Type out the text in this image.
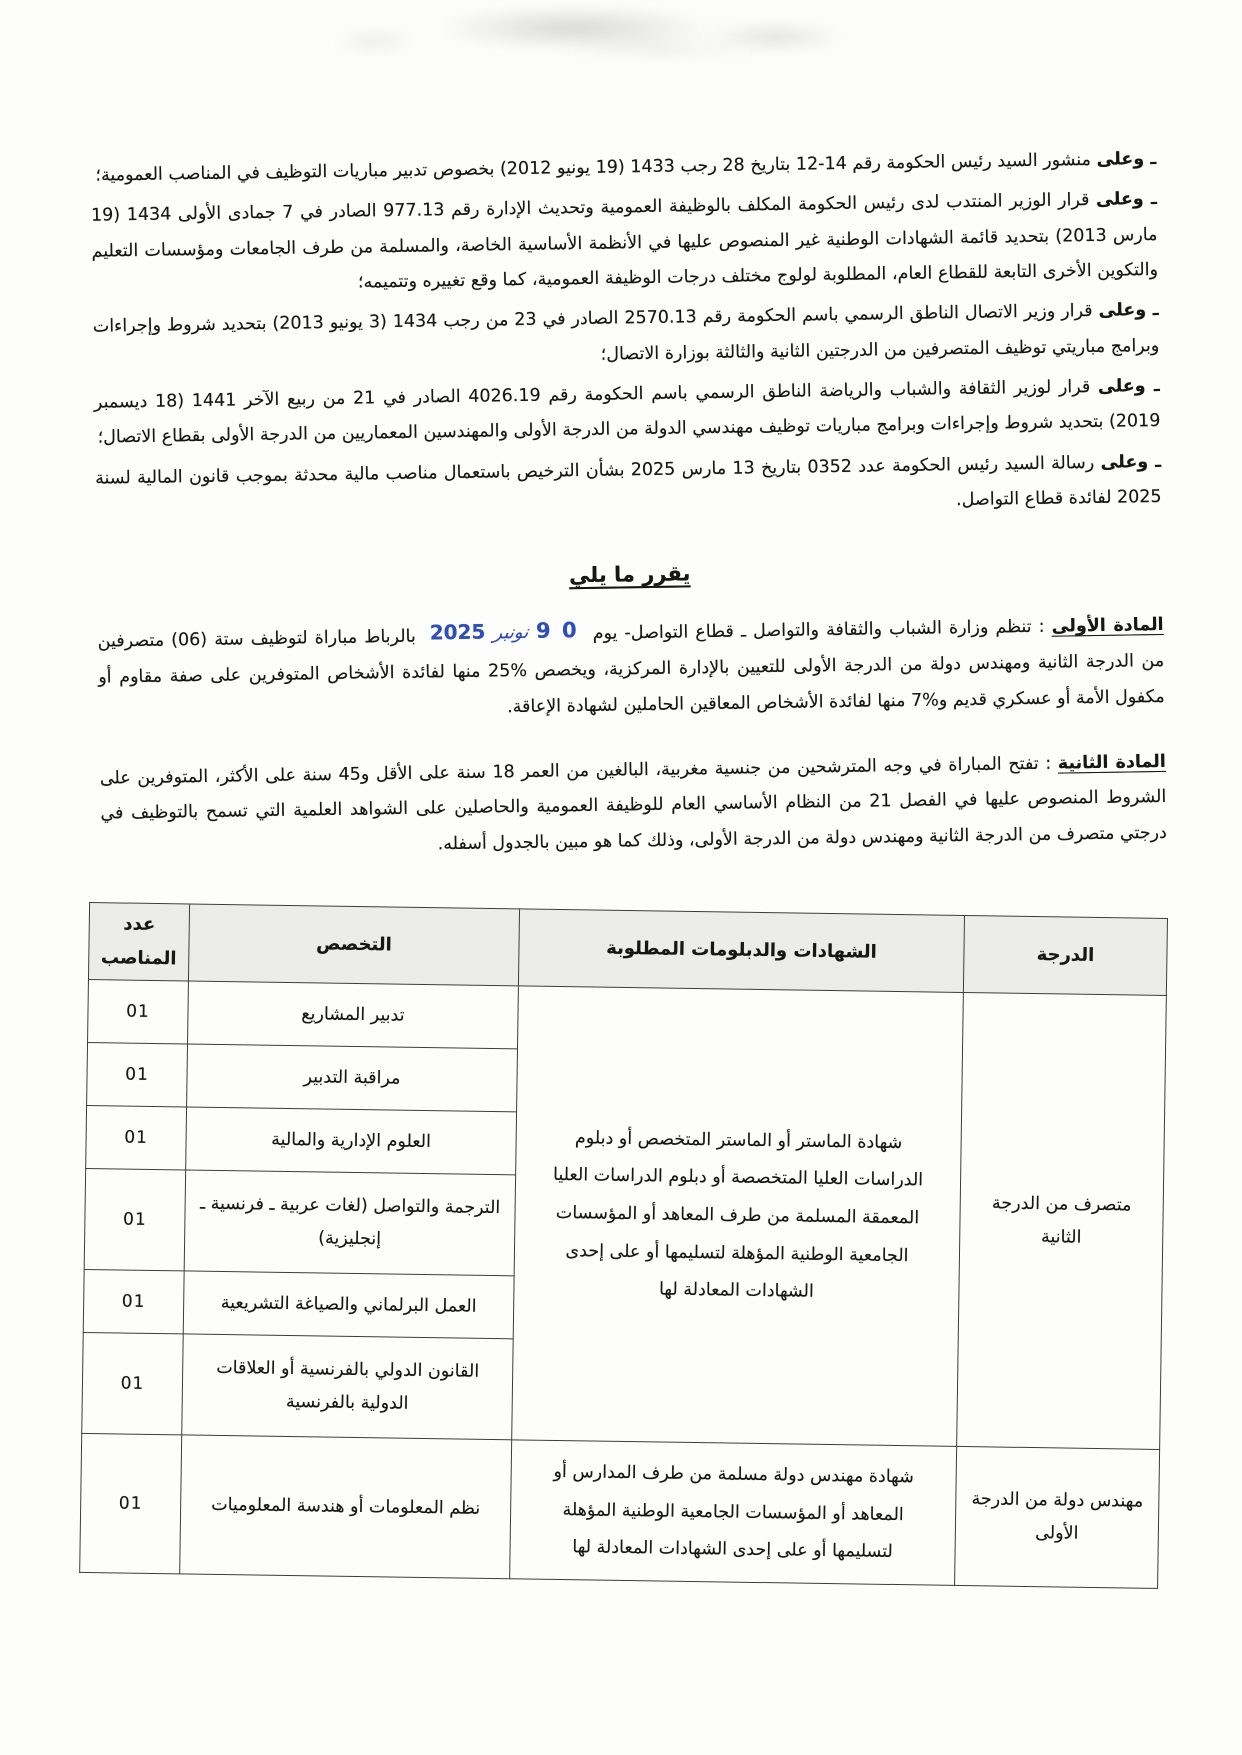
ـ وعلى منشور السيد رئيس الحكومة رقم 14-12 بتاريخ 28 رجب 1433 (19 يونيو 2012) بخصوص تدبير مباريات التوظيف في المناصب العمومية؛

ـ وعلى قرار الوزير المنتدب لدى رئيس الحكومة المكلف بالوظيفة العمومية وتحديث الإدارة رقم 977.13 الصادر في 7 جمادى الأولى 1434 (19 مارس 2013) بتحديد قائمة الشهادات الوطنية غير المنصوص عليها في الأنظمة الأساسية الخاصة، والمسلمة من طرف الجامعات ومؤسسات التعليم والتكوين الأخرى التابعة للقطاع العام، المطلوبة لولوج مختلف درجات الوظيفة العمومية، كما وقع تغييره وتتميمه؛

ـ وعلى قرار وزير الاتصال الناطق الرسمي باسم الحكومة رقم 2570.13 الصادر في 23 من رجب 1434 (3 يونيو 2013) بتحديد شروط وإجراءات وبرامج مباريتي توظيف المتصرفين من الدرجتين الثانية والثالثة بوزارة الاتصال؛

ـ وعلى قرار لوزير الثقافة والشباب والرياضة الناطق الرسمي باسم الحكومة رقم 4026.19 الصادر في 21 من ربيع الآخر 1441 (18 ديسمبر 2019) بتحديد شروط وإجراءات وبرامج مباريات توظيف مهندسي الدولة من الدرجة الأولى والمهندسين المعماريين من الدرجة الأولى بقطاع الاتصال؛

ـ وعلى رسالة السيد رئيس الحكومة عدد 0352 بتاريخ 13 مارس 2025 بشأن الترخيص باستعمال مناصب مالية محدثة بموجب قانون المالية لسنة 2025 لفائدة قطاع التواصل.

يقرر ما يلي

المادة الأولى : تنظم وزارة الشباب والثقافة والتواصل ـ قطاع التواصل- يوم0 9نونبر2025بالرباط مباراة لتوظيف ستة (06) متصرفين من الدرجة الثانية ومهندس دولة من الدرجة الأولى للتعيين بالإدارة المركزية، ويخصص %25 منها لفائدة الأشخاص المتوفرين على صفة مقاوم أو مكفول الأمة أو عسكري قديم و%7 منها لفائدة الأشخاص المعاقين الحاملين لشهادة الإعاقة.

المادة الثانية : تفتح المباراة في وجه المترشحين من جنسية مغربية، البالغين من العمر 18 سنة على الأقل و45 سنة على الأكثر، المتوفرين على الشروط المنصوص عليها في الفصل 21 من النظام الأساسي العام للوظيفة العمومية والحاصلين على الشواهد العلمية التي تسمح بالتوظيف في درجتي متصرف من الدرجة الثانية ومهندس دولة من الدرجة الأولى، وذلك كما هو مبين بالجدول أسفله.

الدرجة	الشهادات والدبلومات المطلوبة	التخصص	عدد المناصب
متصرف من الدرجة الثانية	شهادة الماستر أو الماستر المتخصص أو دبلوم الدراسات العليا المتخصصة أو دبلوم الدراسات العليا المعمقة المسلمة من طرف المعاهد أو المؤسسات الجامعية الوطنية المؤهلة لتسليمها أو على إحدى الشهادات المعادلة لها	تدبير المشاريع	01
		مراقبة التدبير	01
		العلوم الإدارية والمالية	01
		الترجمة والتواصل (لغات عربية ـ فرنسية ـ إنجليزية)	01
		العمل البرلماني والصياغة التشريعية	01
		القانون الدولي بالفرنسية أو العلاقات الدولية بالفرنسية	01
مهندس دولة من الدرجة الأولى	شهادة مهندس دولة مسلمة من طرف المدارس أو المعاهد أو المؤسسات الجامعية الوطنية المؤهلة لتسليمها أو على إحدى الشهادات المعادلة لها	نظم المعلومات أو هندسة المعلوميات	01
